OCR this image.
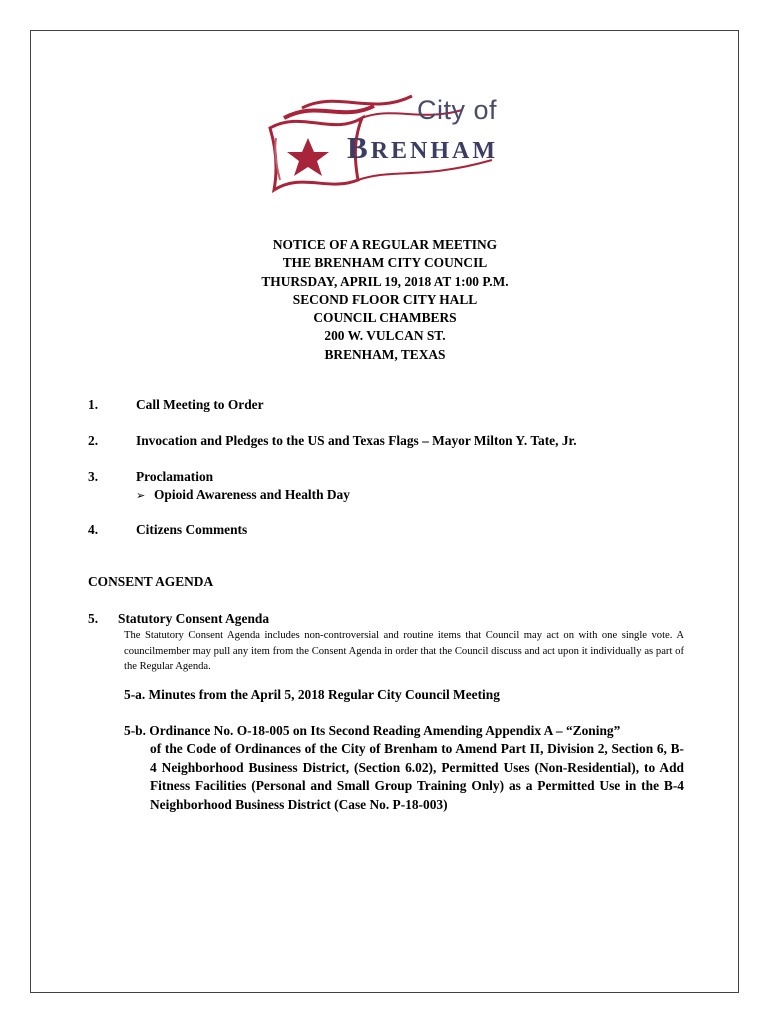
City of
BRENHAM
NOTICE OF A REGULAR MEETING
THE BRENHAM CITY COUNCIL
THURSDAY, APRIL 19, 2018 AT 1:00 P.M.
SECOND FLOOR CITY HALL
COUNCIL CHAMBERS
200 W. VULCAN ST.
BRENHAM, TEXAS
1.	Call Meeting to Order
2.	Invocation and Pledges to the US and Texas Flags – Mayor Milton Y. Tate, Jr.
3.	Proclamation
➢ Opioid Awareness and Health Day
4.	Citizens Comments
CONSENT AGENDA
5. Statutory Consent Agenda
The Statutory Consent Agenda includes non-controversial and routine items that Council may act on with one single vote. A councilmember may pull any item from the Consent Agenda in order that the Council discuss and act upon it individually as part of the Regular Agenda.
5-a. Minutes from the April 5, 2018 Regular City Council Meeting
5-b. Ordinance No. O-18-005 on Its Second Reading Amending Appendix A – “Zoning”
of the Code of Ordinances of the City of Brenham to Amend Part II, Division 2, Section 6, B-4 Neighborhood Business District, (Section 6.02), Permitted Uses (Non-Residential), to Add Fitness Facilities (Personal and Small Group Training Only) as a Permitted Use in the B-4 Neighborhood Business District (Case No. P-18-003)
